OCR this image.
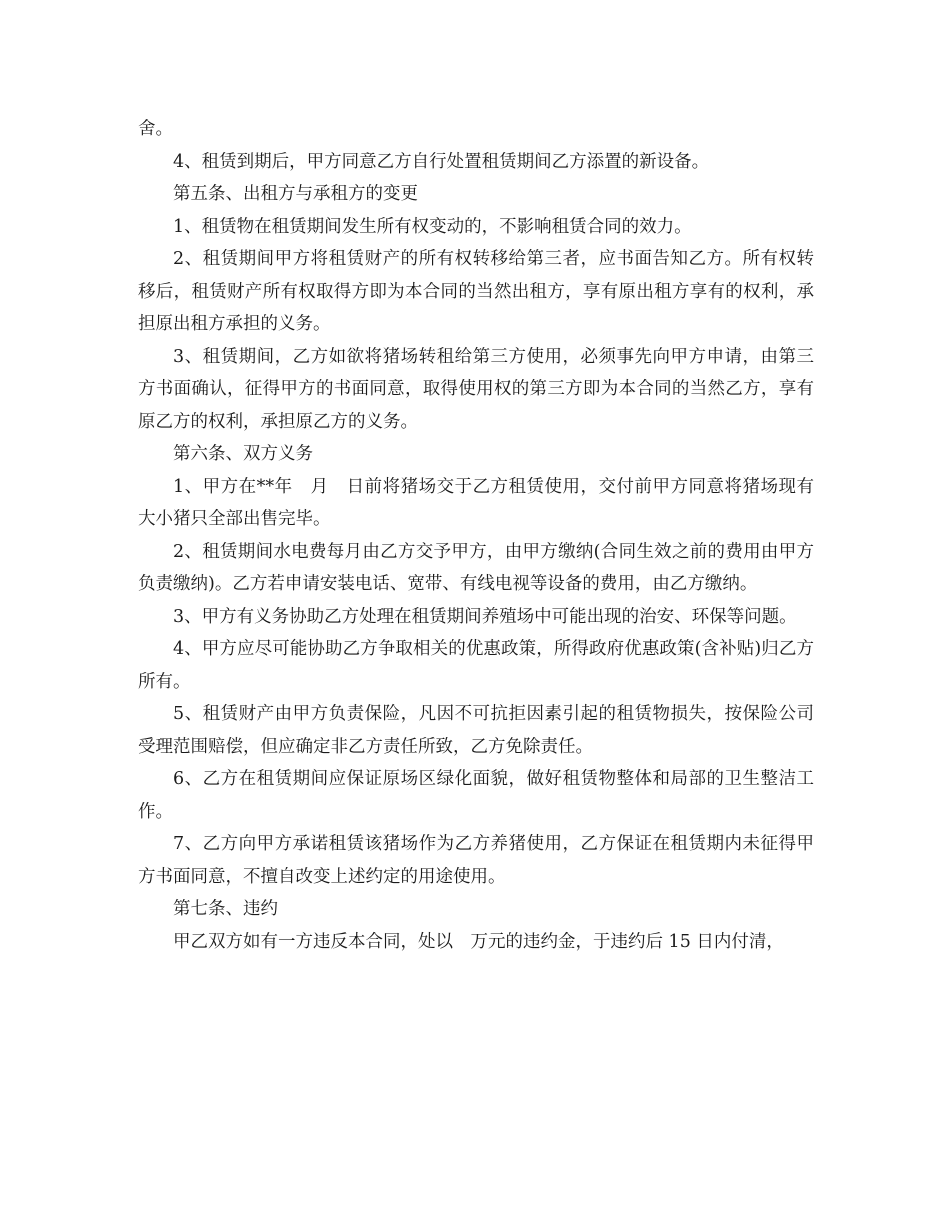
舍。

4、租赁到期后，甲方同意乙方自行处置租赁期间乙方添置的新设备。

第五条、出租方与承租方的变更

1、租赁物在租赁期间发生所有权变动的，不影响租赁合同的效力。

2、租赁期间甲方将租赁财产的所有权转移给第三者，应书面告知乙方。所有权转移后，租赁财产所有权取得方即为本合同的当然出租方，享有原出租方享有的权利，承担原出租方承担的义务。

3、租赁期间，乙方如欲将猪场转租给第三方使用，必须事先向甲方申请，由第三方书面确认，征得甲方的书面同意，取得使用权的第三方即为本合同的当然乙方，享有原乙方的权利，承担原乙方的义务。

第六条、双方义务

1、甲方在**年　月　日前将猪场交于乙方租赁使用，交付前甲方同意将猪场现有大小猪只全部出售完毕。

2、租赁期间水电费每月由乙方交予甲方，由甲方缴纳(合同生效之前的费用由甲方负责缴纳)。乙方若申请安装电话、宽带、有线电视等设备的费用，由乙方缴纳。

3、甲方有义务协助乙方处理在租赁期间养殖场中可能出现的治安、环保等问题。

4、甲方应尽可能协助乙方争取相关的优惠政策，所得政府优惠政策(含补贴)归乙方所有。

5、租赁财产由甲方负责保险，凡因不可抗拒因素引起的租赁物损失，按保险公司受理范围赔偿，但应确定非乙方责任所致，乙方免除责任。

6、乙方在租赁期间应保证原场区绿化面貌，做好租赁物整体和局部的卫生整洁工作。

7、乙方向甲方承诺租赁该猪场作为乙方养猪使用，乙方保证在租赁期内未征得甲方书面同意，不擅自改变上述约定的用途使用。

第七条、违约

甲乙双方如有一方违反本合同，处以　万元的违约金，于违约后 15 日内付清，
